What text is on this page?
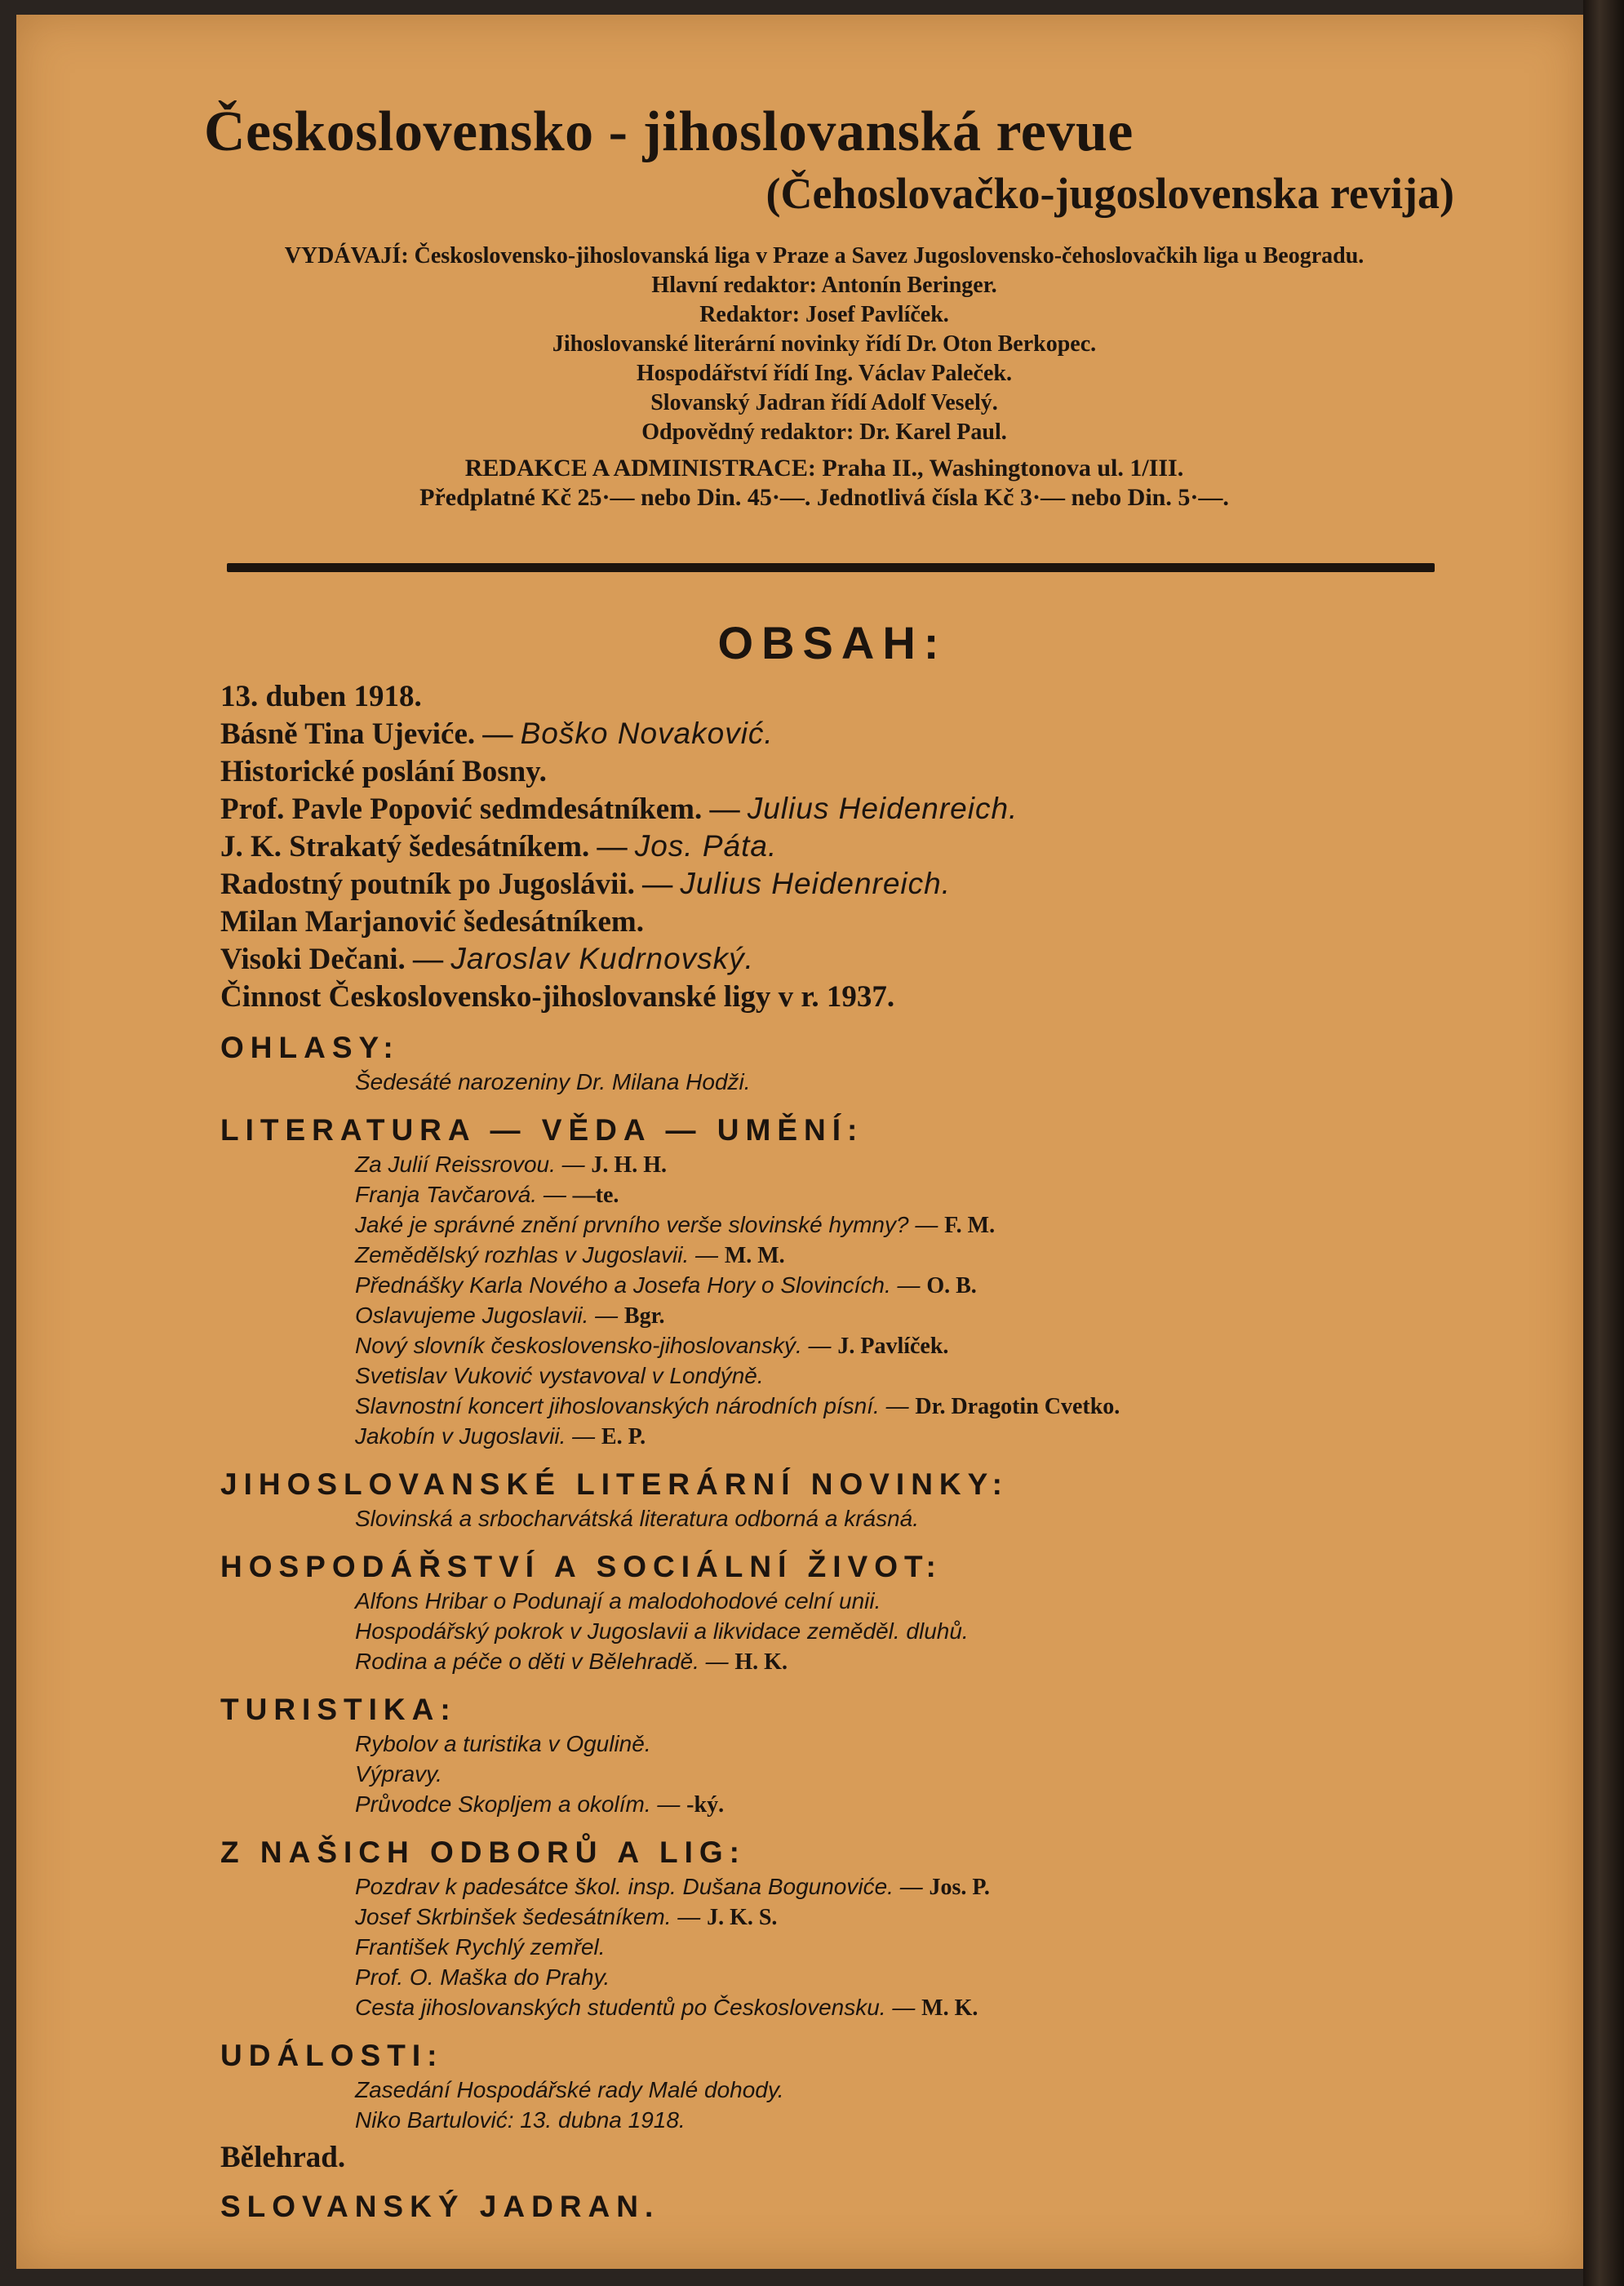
Československo - jihoslovanská revue
(Čehoslovačko-jugoslovenska revija)
VYDÁVAJÍ: Československo-jihoslovanská liga v Praze a Savez Jugoslovensko-čehoslovačkih liga u Beogradu.
Hlavní redaktor: Antonín Beringer.
Redaktor: Josef Pavlíček.
Jihoslovanské literární novinky řídí Dr. Oton Berkopec.
Hospodářství řídí Ing. Václav Paleček.
Slovanský Jadran řídí Adolf Veselý.
Odpovědný redaktor: Dr. Karel Paul.
REDAKCE A ADMINISTRACE: Praha II., Washingtonova ul. 1/III.
Předplatné Kč 25·— nebo Din. 45·—. Jednotlivá čísla Kč 3·— nebo Din. 5·—.
OBSAH:
13. duben 1918.
Básně Tina Ujeviće. — Boško Novaković.
Historické poslání Bosny.
Prof. Pavle Popović sedmdesátníkem. — Julius Heidenreich.
J. K. Strakatý šedesátníkem. — Jos. Páta.
Radostný poutník po Jugoslávii. — Julius Heidenreich.
Milan Marjanović šedesátníkem.
Visoki Dečani. — Jaroslav Kudrnovský.
Činnost Československo-jihoslovanské ligy v r. 1937.
OHLASY:
Šedesáté narozeniny Dr. Milana Hodži.
LITERATURA — VĚDA — UMĚNÍ:
Za Julií Reissrovou. — J. H. H.
Franja Tavčarová. — —te.
Jaké je správné znění prvního verše slovinské hymny? — F. M.
Zemědělský rozhlas v Jugoslavii. — M. M.
Přednášky Karla Nového a Josefa Hory o Slovincích. — O. B.
Oslavujeme Jugoslavii. — Bgr.
Nový slovník československo-jihoslovanský. — J. Pavlíček.
Svetislav Vuković vystavoval v Londýně.
Slavnostní koncert jihoslovanských národních písní. — Dr. Dragotin Cvetko.
Jakobín v Jugoslavii. — E. P.
JIHOSLOVANSKÉ LITERÁRNÍ NOVINKY:
Slovinská a srbocharvátská literatura odborná a krásná.
HOSPODÁŘSTVÍ A SOCIÁLNÍ ŽIVOT:
Alfons Hribar o Podunají a malodohodové celní unii.
Hospodářský pokrok v Jugoslavii a likvidace zeměděl. dluhů.
Rodina a péče o děti v Bělehradě. — H. K.
TURISTIKA:
Rybolov a turistika v Ogulině.
Výpravy.
Průvodce Skopljem a okolím. — -ký.
Z NAŠICH ODBORŮ A LIG:
Pozdrav k padesátce škol. insp. Dušana Bogunoviće. — Jos. P.
Josef Skrbinšek šedesátníkem. — J. K. S.
František Rychlý zemřel.
Prof. O. Maška do Prahy.
Cesta jihoslovanských studentů po Československu. — M. K.
UDÁLOSTI:
Zasedání Hospodářské rady Malé dohody.
Niko Bartulović: 13. dubna 1918.
Bělehrad.
SLOVANSKÝ JADRAN.
